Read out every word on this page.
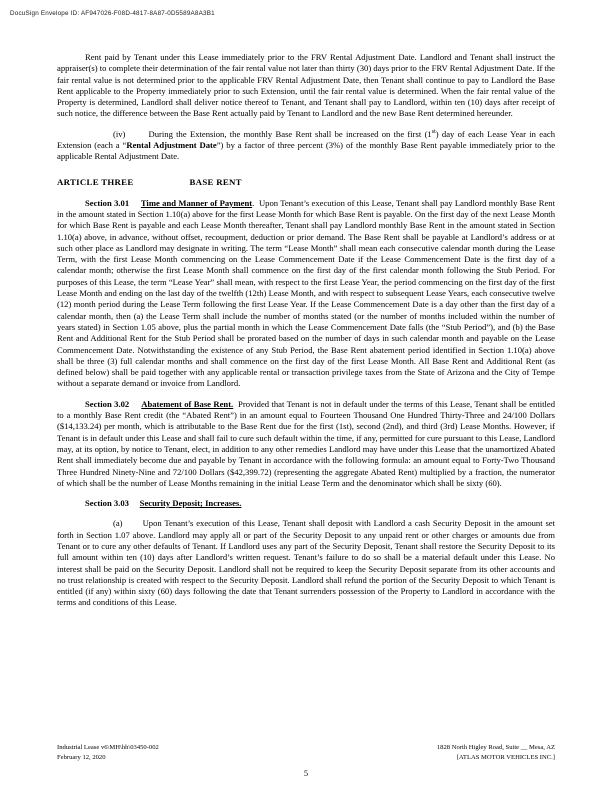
DocuSign Envelope ID: AF947026-F08D-4817-8A87-0D5589A8A3B1

Rent paid by Tenant under this Lease immediately prior to the FRV Rental Adjustment Date. Landlord and Tenant shall instruct the appraiser(s) to complete their determination of the fair rental value not later than thirty (30) days prior to the FRV Rental Adjustment Date. If the fair rental value is not determined prior to the applicable FRV Rental Adjustment Date, then Tenant shall continue to pay to Landlord the Base Rent applicable to the Property immediately prior to such Extension, until the fair rental value is determined. When the fair rental value of the Property is determined, Landlord shall deliver notice thereof to Tenant, and Tenant shall pay to Landlord, within ten (10) days after receipt of such notice, the difference between the Base Rent actually paid by Tenant to Landlord and the new Base Rent determined hereunder.

(iv)	During the Extension, the monthly Base Rent shall be increased on the first (1st) day of each Lease Year in each Extension (each a “Rental Adjustment Date”) by a factor of three percent (3%) of the monthly Base Rent payable immediately prior to the applicable Rental Adjustment Date.

ARTICLE THREE	BASE RENT

Section 3.01 Time and Manner of Payment.  Upon Tenant’s execution of this Lease, Tenant shall pay Landlord monthly Base Rent in the amount stated in Section 1.10(a) above for the first Lease Month for which Base Rent is payable. On the first day of the next Lease Month for which Base Rent is payable and each Lease Month thereafter, Tenant shall pay Landlord monthly Base Rent in the amount stated in Section 1.10(a) above, in advance, without offset, recoupment, deduction or prior demand. The Base Rent shall be payable at Landlord’s address or at such other place as Landlord may designate in writing. The term “Lease Month” shall mean each consecutive calendar month during the Lease Term, with the first Lease Month commencing on the Lease Commencement Date if the Lease Commencement Date is the first day of a calendar month; otherwise the first Lease Month shall commence on the first day of the first calendar month following the Stub Period. For purposes of this Lease, the term “Lease Year” shall mean, with respect to the first Lease Year, the period commencing on the first day of the first Lease Month and ending on the last day of the twelfth (12th) Lease Month, and with respect to subsequent Lease Years, each consecutive twelve (12) month period during the Lease Term following the first Lease Year. If the Lease Commencement Date is a day other than the first day of a calendar month, then (a) the Lease Term shall include the number of months stated (or the number of months included within the number of years stated) in Section 1.05 above, plus the partial month in which the Lease Commencement Date falls (the “Stub Period”), and (b) the Base Rent and Additional Rent for the Stub Period shall be prorated based on the number of days in such calendar month and payable on the Lease Commencement Date. Notwithstanding the existence of any Stub Period, the Base Rent abatement period identified in Section 1.10(a) above shall be three (3) full calendar months and shall commence on the first day of the first Lease Month. All Base Rent and Additional Rent (as defined below) shall be paid together with any applicable rental or transaction privilege taxes from the State of Arizona and the City of Tempe without a separate demand or invoice from Landlord.

Section 3.02 Abatement of Base Rent. Provided that Tenant is not in default under the terms of this Lease, Tenant shall be entitled to a monthly Base Rent credit (the “Abated Rent”) in an amount equal to Fourteen Thousand One Hundred Thirty-Three and 24/100 Dollars ($14,133.24) per month, which is attributable to the Base Rent due for the first (1st), second (2nd), and third (3rd) Lease Months. However, if Tenant is in default under this Lease and shall fail to cure such default within the time, if any, permitted for cure pursuant to this Lease, Landlord may, at its option, by notice to Tenant, elect, in addition to any other remedies Landlord may have under this Lease that the unamortized Abated Rent shall immediately become due and payable by Tenant in accordance with the following formula: an amount equal to Forty-Two Thousand Three Hundred Ninety-Nine and 72/100 Dollars ($42,399.72) (representing the aggregate Abated Rent) multiplied by a fraction, the numerator of which shall be the number of Lease Months remaining in the initial Lease Term and the denominator which shall be sixty (60).

Section 3.03 Security Deposit; Increases.

(a) Upon Tenant’s execution of this Lease, Tenant shall deposit with Landlord a cash Security Deposit in the amount set forth in Section 1.07 above. Landlord may apply all or part of the Security Deposit to any unpaid rent or other charges or amounts due from Tenant or to cure any other defaults of Tenant. If Landlord uses any part of the Security Deposit, Tenant shall restore the Security Deposit to its full amount within ten (10) days after Landlord’s written request. Tenant’s failure to do so shall be a material default under this Lease. No interest shall be paid on the Security Deposit. Landlord shall not be required to keep the Security Deposit separate from its other accounts and no trust relationship is created with respect to the Security Deposit. Landlord shall refund the portion of the Security Deposit to which Tenant is entitled (if any) within sixty (60) days following the date that Tenant surrenders possession of the Property to Landlord in accordance with the terms and conditions of this Lease.

Industrial Lease v6\MH\hh\03450-002
February 12, 2020
1828 North Higley Road, Suite __ Mesa, AZ
[ATLAS MOTOR VEHICLES INC.]
5
